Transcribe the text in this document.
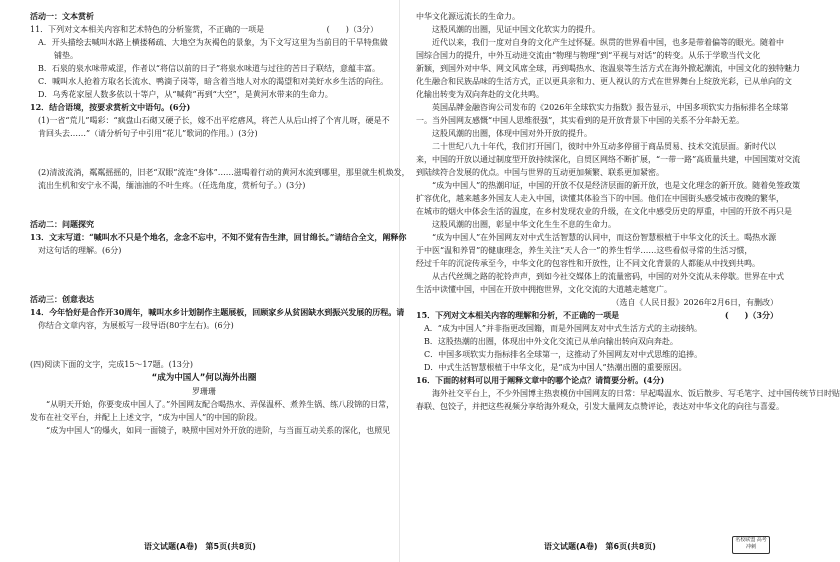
活动一：文本赏析
11．下列对文本相关内容和艺术特色的分析鉴赏，不正确的一项是	(　　)（3分）
A．开头描绘去喊叫水路上横搂稀疏、大地空为灰褐色的景象，为下文写这里为当前目的干旱特焦做
铺垫。
B．石泉的泉水味带咸涩，作者以“将信以前的日子”将泉水味道与过往的苦日子联结，意蕴丰富。
C．喊叫水人抢着方取名长流水、鸭滴子岗等，暗含着当地人对水的渴望和对美好水乡生活的向往。
D．乌秀花家屋人数多依以十等户，从“喊荷”再到“大空”，是黄河水带来的生命力。
12．结合语境，按要求赏析文中语句。(6分)
(1)一省“荒儿”喝彩：“疯盘山石砌又硬子长，嫁不出平疙瘩风，将芒人从后山捋了个宵儿呀，硬是不
肯回头去……”（请分析句子中引用“花儿”歌词的作用。）(3分)
(2)清波流淌，粼粼摇摇的，旧老“双眼”流连“身体”……滋喝着行动的黄河水流到哪里，那里就生机焕发，
流出生机和安宁永不渴，缅油油的不叶生疼。（任选角度，赏析句子。）(3分)
活动二：问题探究
13．文末写道：“喊叫水不只是个地名，念念不忘中，不知不觉有告生津，回甘绵长。”请结合全文，阐释你
对这句话的理解。(6分)
活动三：创意表达
14．今年恰好是合作开30周年，喊叫水乡计划制作主题展板，回顾家乡从贫困缺水到振兴发展的历程。请
你结合文章内容，为展板写一段导语(80字左右)。(6分)
(四)阅读下面的文字，完成15～17题。(13分)
“成为中国人”何以海外出圈
罗珊珊
“从明天开始，你要变成中国人了。”外国网友配合喝热水、弄保温杯、煮养生锅、练八段锦的日常，
发布在社交平台，并配上上述文字，“成为中国人”的中国的阶段。
“成为中国人”的爆火，如同一面镜子，映照中国对外开放的进阶，与当面互动关系的深化，也照见
语文试题(A卷)　第5页(共8页)
中华文化源远流长的生命力。
这股风潮的出圈，见证中国文化软实力的提升。
近代以来，我们一度对自身的文化产生过怀疑。纵贯的世界看中国，也多是带着偏等的眼光。随着中
国综合国力的提升，中外互动进交流由“物理与物理”到“平视与对话”的转变。从乐于学歌当代文化
新颖，到国外对中华、网文风席全球，再到喝热水、泡温泉等生活方式在海外掀起潮流，中国文化的独特魅力
化生融合和民族品味的生活方式，正以更具亲和力、更人视认的方式在世界舞台上绽放光彩，已从单向的文
化输出转变为双向奔赴的文化共鸣。
英国品牌金融咨询公司发布的《2026年全球软实力指数》报告显示，中国多项软实力指标排名全球第
一。当外国网友感慨“中国人思维很强”，其实看到的是开放背景下中国的关系不分年龄无差。
这股风潮的出圈，体现中国对外开放的提升。
二十世纪八九十年代，我们打开国门，彼时中外互动多停留于商品贸易、技术交流层面。新时代以
来，中国的开放以通过制度型开放持续深化，自贸区网络不断扩展，“一带一路”高质量共建，中国国策对交流
到陆续符合发展的优点。中国与世界的互动更加频繁、联系更加紧密。
“成为中国人”的热潮印证，中国的开放不仅是经济层面的新开放，也是文化理念的新开放。随着免签政策
扩容优化，越来越多外国友人走入中国，读懂其体验当下的中国。他们在中国街头感受城市夜晚的繁华，
在城市的烟火中体会生活的温度，在乡村发现农业的升级，在文化中感受历史的厚重，中国的开放不再只是
这股风潮的出圈，彰显中华文化生生不息的生命力。
“成为中国人”在外国网友对中式生活智慧的认同中，而这份智慧根植于中华文化的沃土。喝热水源
于中医“温和养胃”的健康理念，养生关注“天人合一”的养生哲学……这些看似寻常的生活习惯，
经过千年的沉淀传承至今，中华文化的包容性和开放性，让不同文化背景的人都能从中找到共鸣。
从古代丝绸之路的驼铃声声，到如今社交媒体上的流量密码，中国的对外交流从未停歇。世界在中式
生活中读懂中国，中国在开放中拥抱世界，文化交流的大道越走越宽广。
（选自《人民日报》2026年2月6日，有删改）
15．下列对文本相关内容的理解和分析，不正确的一项是	(　　)（3分）
A．“成为中国人”并非指更改国籍，而是外国网友对中式生活方式的主动接纳。
B．这股热潮的出圈，体现出中外文化交流已从单向输出转向双向奔赴。
C．中国多项软实力指标排名全球第一，这推动了外国网友对中式思维的追捧。
D．中式生活智慧根植于中华文化，是“成为中国人”热潮出圈的重要原因。
16．下面的材料可以用于阐释文章中的哪个论点？请简要分析。(4分)
海外社交平台上，不少外国博主热衷模仿中国网友的日常：早起喝温水、饭后散步、写毛笔字、过中国传统节日时贴
春联、包饺子，并把这些视频分享给海外观众，引发大量网友点赞评论，表达对中华文化的向往与喜爱。
语文试题(A卷)　第6页(共8页)
名校联盟 高考冲刺
